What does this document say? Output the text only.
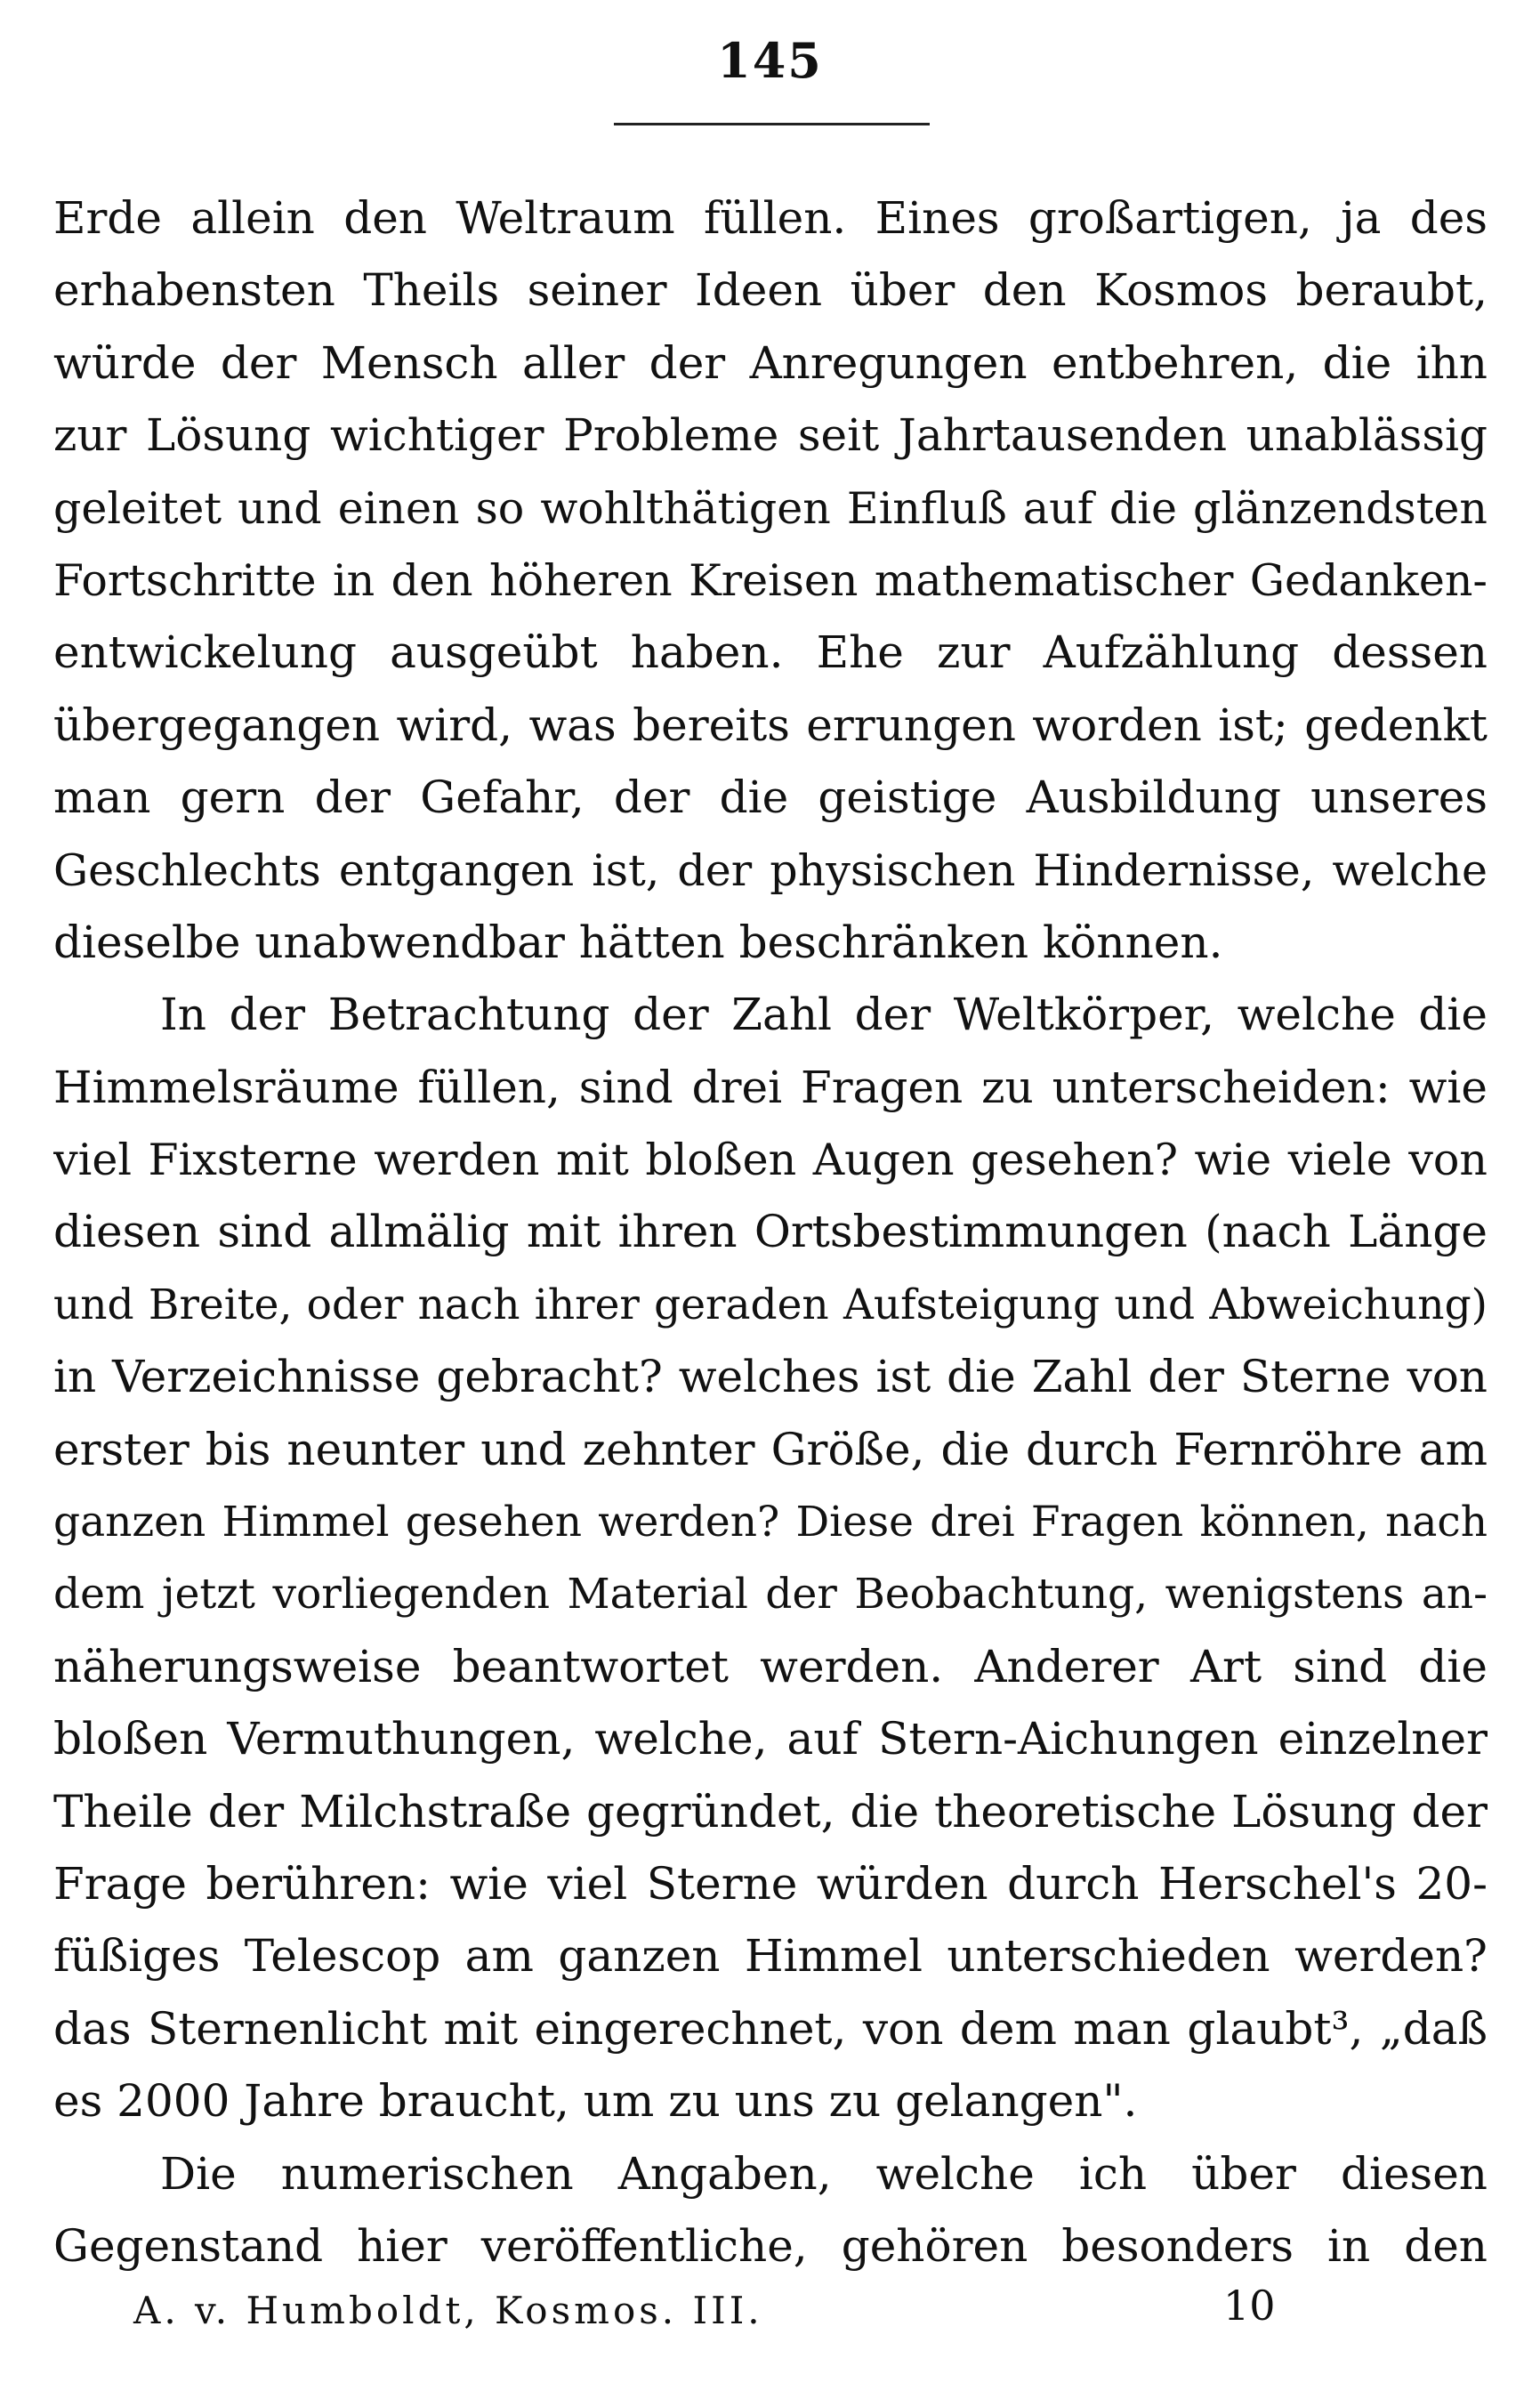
145

Erde allein den Weltraum füllen. Eines großartigen, ja des
erhabensten Theils seiner Ideen über den Kosmos beraubt,
würde der Mensch aller der Anregungen entbehren, die ihn
zur Lösung wichtiger Probleme seit Jahrtausenden unablässig
geleitet und einen so wohlthätigen Einfluß auf die glänzendsten
Fortschritte in den höheren Kreisen mathematischer Gedanken-
entwickelung ausgeübt haben. Ehe zur Aufzählung dessen
übergegangen wird, was bereits errungen worden ist; gedenkt
man gern der Gefahr, der die geistige Ausbildung unseres
Geschlechts entgangen ist, der physischen Hindernisse, welche
dieselbe unabwendbar hätten beschränken können.

In der Betrachtung der Zahl der Weltkörper, welche die
Himmelsräume füllen, sind drei Fragen zu unterscheiden: wie
viel Fixsterne werden mit bloßen Augen gesehen? wie viele von
diesen sind allmälig mit ihren Ortsbestimmungen (nach Länge
und Breite, oder nach ihrer geraden Aufsteigung und Abweichung)
in Verzeichnisse gebracht? welches ist die Zahl der Sterne von
erster bis neunter und zehnter Größe, die durch Fernröhre am
ganzen Himmel gesehen werden? Diese drei Fragen können, nach
dem jetzt vorliegenden Material der Beobachtung, wenigstens an-
näherungsweise beantwortet werden. Anderer Art sind die
bloßen Vermuthungen, welche, auf Stern-Aichungen einzelner
Theile der Milchstraße gegründet, die theoretische Lösung der
Frage berühren: wie viel Sterne würden durch Herschel's 20-
füßiges Telescop am ganzen Himmel unterschieden werden?
das Sternenlicht mit eingerechnet, von dem man glaubt³, „daß
es 2000 Jahre braucht, um zu uns zu gelangen".

Die numerischen Angaben, welche ich über diesen
Gegenstand hier veröffentliche, gehören besonders in den

A. v. Humboldt, Kosmos. III.	10
